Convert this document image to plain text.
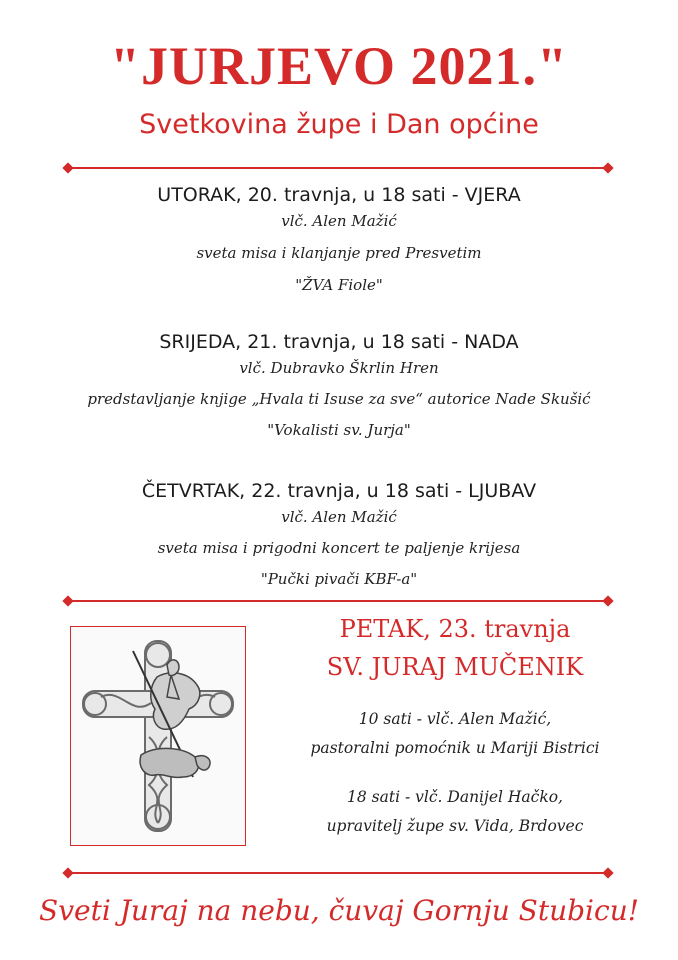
"JURJEVO 2021."
Svetkovina župe i Dan općine
UTORAK, 20. travnja, u 18 sati - VJERA
vlč. Alen Mažić
sveta misa i klanjanje pred Presvetim
"ŽVA Fiole"
SRIJEDA, 21. travnja, u 18 sati - NADA
vlč. Dubravko Škrlin Hren
predstavljanje knjige „Hvala ti Isuse za sve“ autorice Nade Skušić
"Vokalisti sv. Jurja"
ČETVRTAK, 22. travnja, u 18 sati - LJUBAV
vlč. Alen Mažić
sveta misa i prigodni koncert te paljenje krijesa
"Pučki pivači KBF-a"
PETAK, 23. travnja
SV. JURAJ MUČENIK
10 sati - vlč. Alen Mažić,
pastoralni pomoćnik u Mariji Bistrici
18 sati - vlč. Danijel Hačko,
upravitelj župe sv. Vida, Brdovec
Sveti Juraj na nebu, čuvaj Gornju Stubicu!
